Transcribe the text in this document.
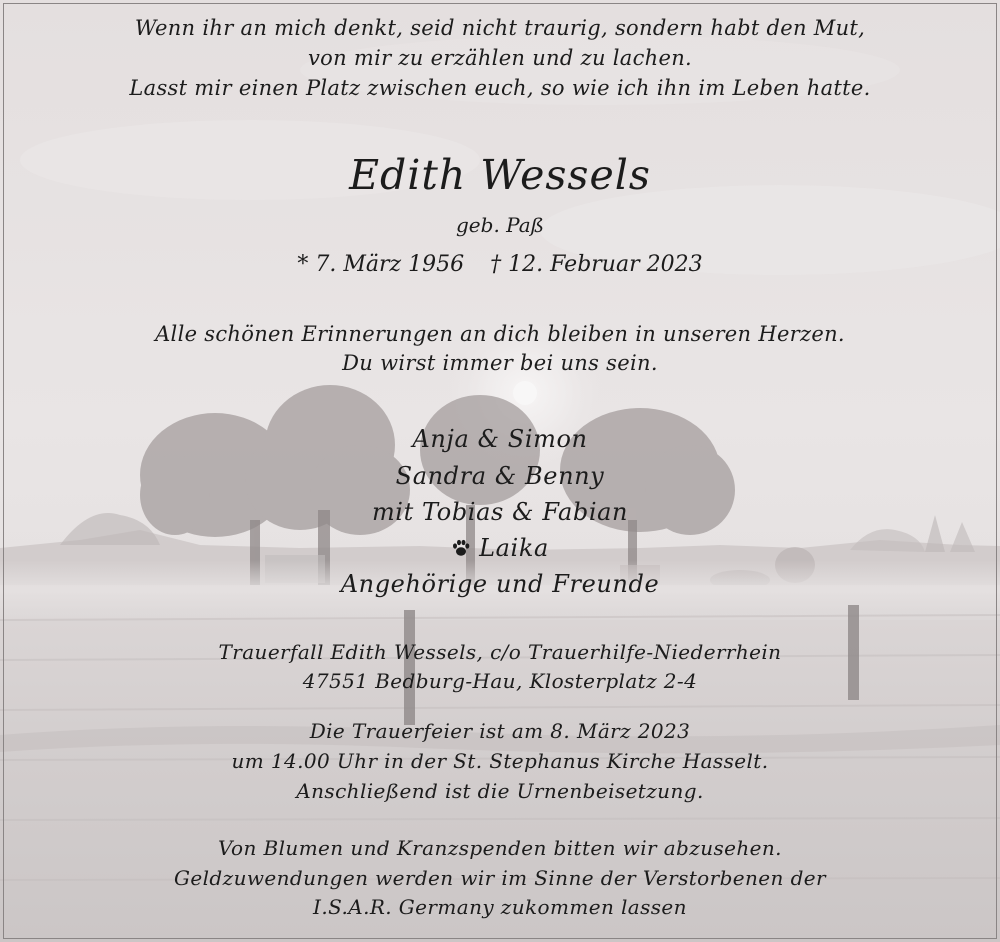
Wenn ihr an mich denkt, seid nicht traurig, sondern habt den Mut,
von mir zu erzählen und zu lachen.
Lasst mir einen Platz zwischen euch, so wie ich ihn im Leben hatte.
Edith Wessels
geb. Paß
* 7. März 1956 † 12. Februar 2023
Alle schönen Erinnerungen an dich bleiben in unseren Herzen.
Du wirst immer bei uns sein.
Anja & Simon
Sandra & Benny
mit Tobias & Fabian
Laika
Angehörige und Freunde
Trauerfall Edith Wessels, c/o Trauerhilfe-Niederrhein
47551 Bedburg-Hau, Klosterplatz 2-4
Die Trauerfeier ist am 8. März 2023
um 14.00 Uhr in der St. Stephanus Kirche Hasselt.
Anschließend ist die Urnenbeisetzung.
Von Blumen und Kranzspenden bitten wir abzusehen.
Geldzuwendungen werden wir im Sinne der Verstorbenen der
I.S.A.R. Germany zukommen lassen
